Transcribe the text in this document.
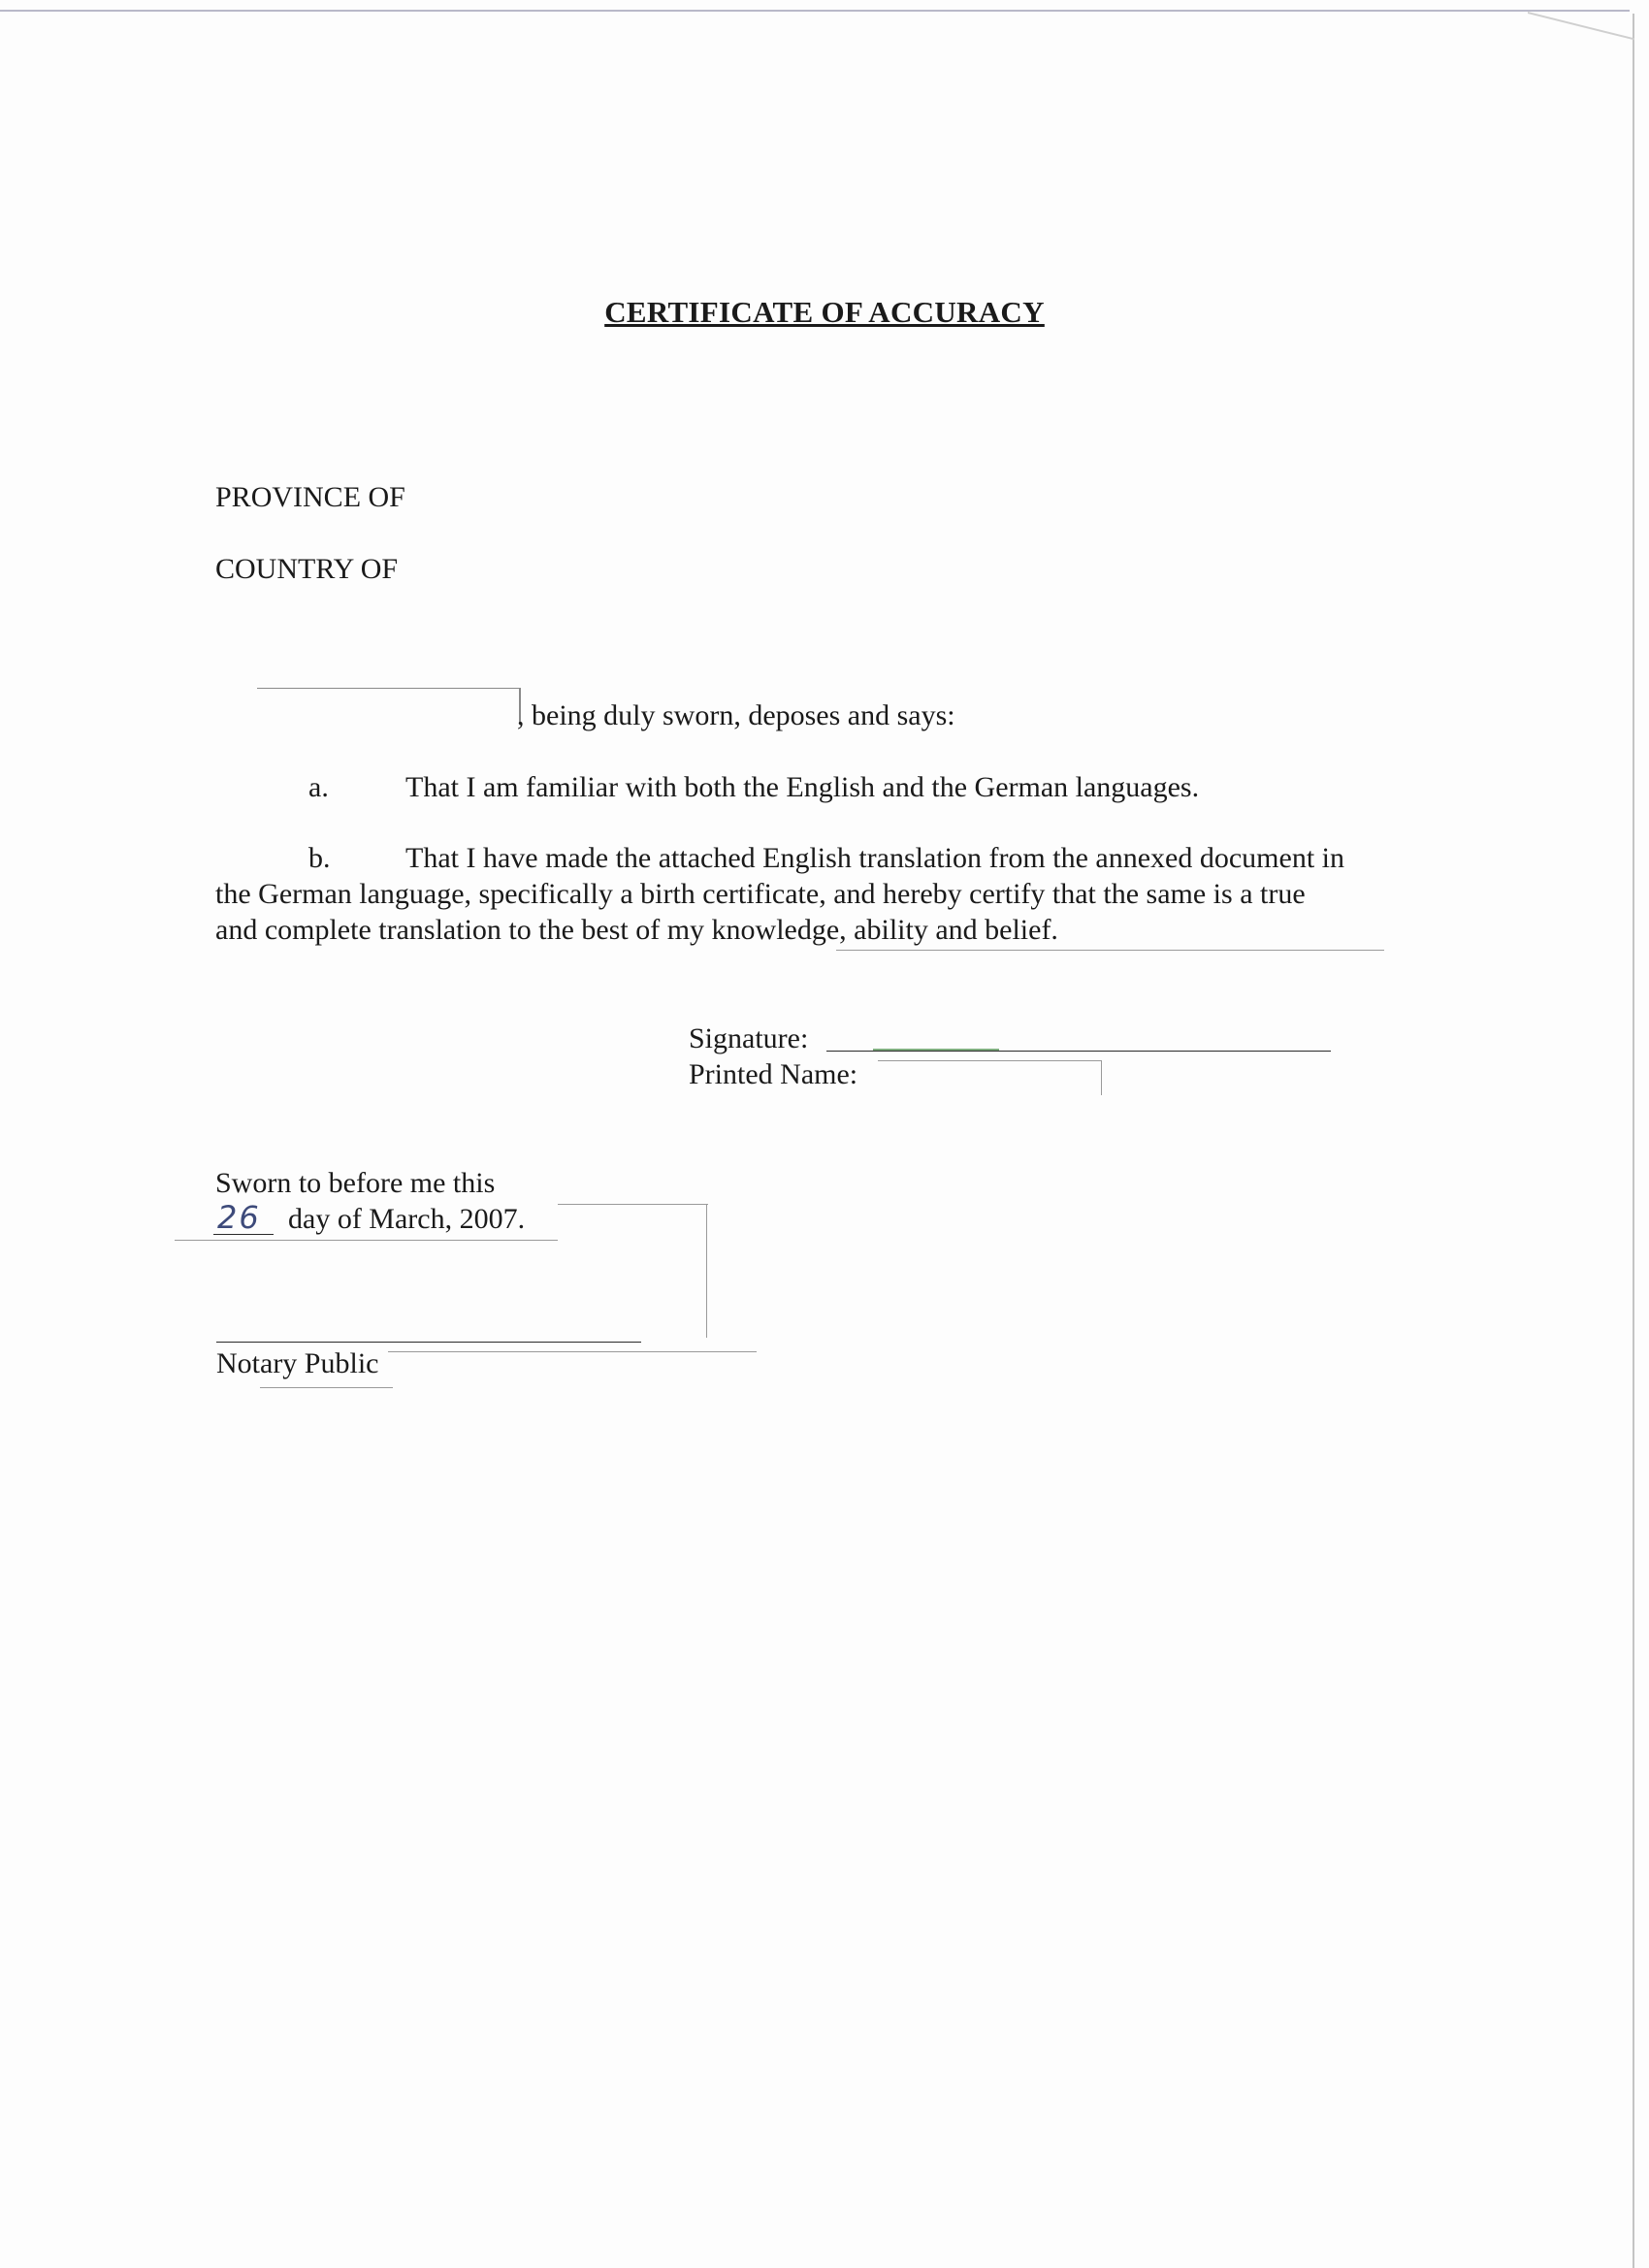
CERTIFICATE OF ACCURACY
PROVINCE OF
COUNTRY OF
, being duly sworn, deposes and says:
a.	That I am familiar with both the English and the German languages.
b.	That I have made the attached English translation from the annexed document in
the German language, specifically a birth certificate, and hereby certify that the same is a true
and complete translation to the best of my knowledge, ability and belief.
Signature:
Printed Name:
Sworn to before me this
26 day of March, 2007.
Notary Public
